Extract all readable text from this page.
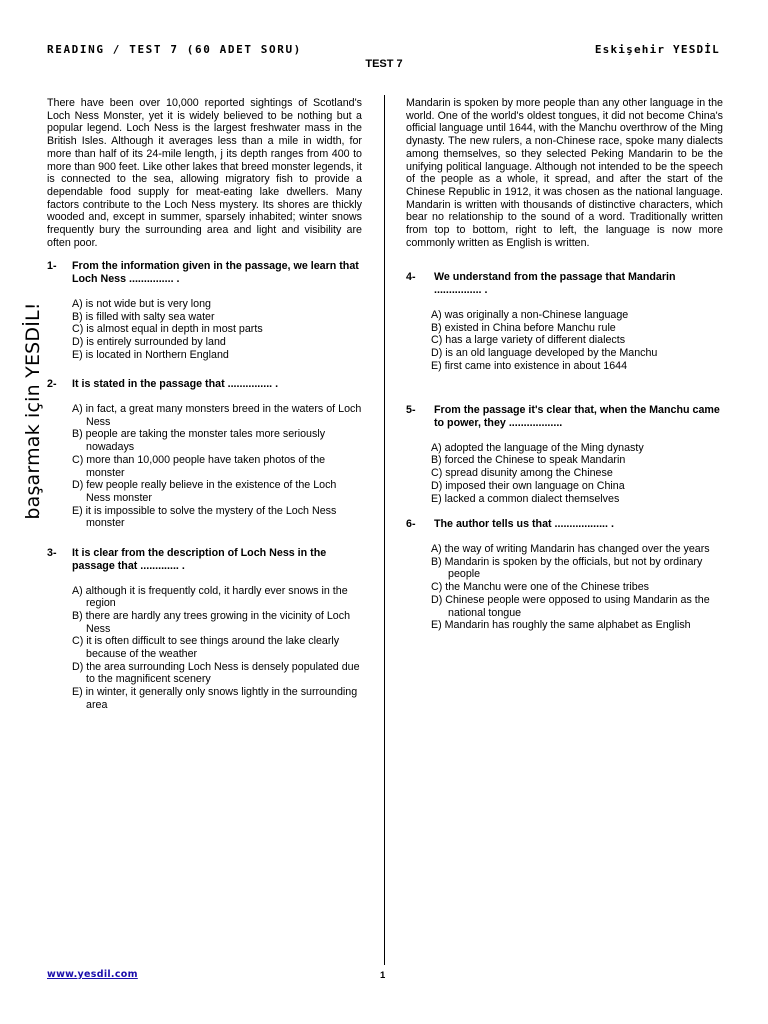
READING / TEST 7 (60 ADET SORU)	Eskişehir YESDİL
TEST 7
başarmak için YESDİL!

There have been over 10,000 reported sightings of Scotland's Loch Ness Monster, yet it is widely believed to be nothing but a popular legend. Loch Ness is the largest freshwater mass in the British Isles. Although it averages less than a mile in width, for more than half of its 24-mile length, j its depth ranges from 400 to more than 900 feet. Like other lakes that breed monster legends, it is connected to the sea, allowing migratory fish to provide a dependable food supply for meat-eating lake dwellers. Many factors contribute to the Loch Ness mystery. Its shores are thickly wooded and, except in summer, sparsely inhabited; winter snows frequently bury the surrounding area and light and visibility are often poor.

1-	From the information given in the passage, we learn that Loch Ness ............... .
A) is not wide but is very long
B) is filled with salty sea water
C) is almost equal in depth in most parts
D) is entirely surrounded by land
E) is located in Northern England
2-	It is stated in the passage that ............... .
A) in fact, a great many monsters breed in the waters of Loch Ness
B) people are taking the monster tales more seriously nowadays
C) more than 10,000 people have taken photos of the monster
D) few people really believe in the existence of the Loch Ness monster
E) it is impossible to solve the mystery of the Loch Ness monster
3-	It is clear from the description of Loch Ness in the passage that ............. .
A) although it is frequently cold, it hardly ever snows in the region
B) there are hardly any trees growing in the vicinity of Loch Ness
C) it is often difficult to see things around the lake clearly because of the weather
D) the area surrounding Loch Ness is densely populated due to the magnificent scenery
E) in winter, it generally only snows lightly in the surrounding area

Mandarin is spoken by more people than any other language in the world. One of the world's oldest tongues, it did not become China's official language until 1644, with the Manchu overthrow of the Ming dynasty. The new rulers, a non-Chinese race, spoke many dialects among themselves, so they selected Peking Mandarin to be the unifying political language. Although not intended to be the speech of the people as a whole, it spread, and after the start of the Chinese Republic in 1912, it was chosen as the national language. Mandarin is written with thousands of distinctive characters, which bear no relationship to the sound of a word. Traditionally written from top to bottom, right to left, the language is now more commonly written as English is written.

4-	We understand from the passage that Mandarin ................ .
A) was originally a non-Chinese language
B) existed in China before Manchu rule
C) has a large variety of different dialects
D) is an old language developed by the Manchu
E) first came into existence in about 1644
5-	From the passage it's clear that, when the Manchu came to power, they ..................
A) adopted the language of the Ming dynasty
B) forced the Chinese to speak Mandarin
C) spread disunity among the Chinese
D) imposed their own language on China
E) lacked a common dialect themselves
6-	The author tells us that .................. .
A) the way of writing Mandarin has changed over the years
B) Mandarin is spoken by the officials, but not by ordinary people
C) the Manchu were one of the Chinese tribes
D) Chinese people were opposed to using Mandarin as the national tongue
E) Mandarin has roughly the same alphabet as English
www.yesdil.com	1
